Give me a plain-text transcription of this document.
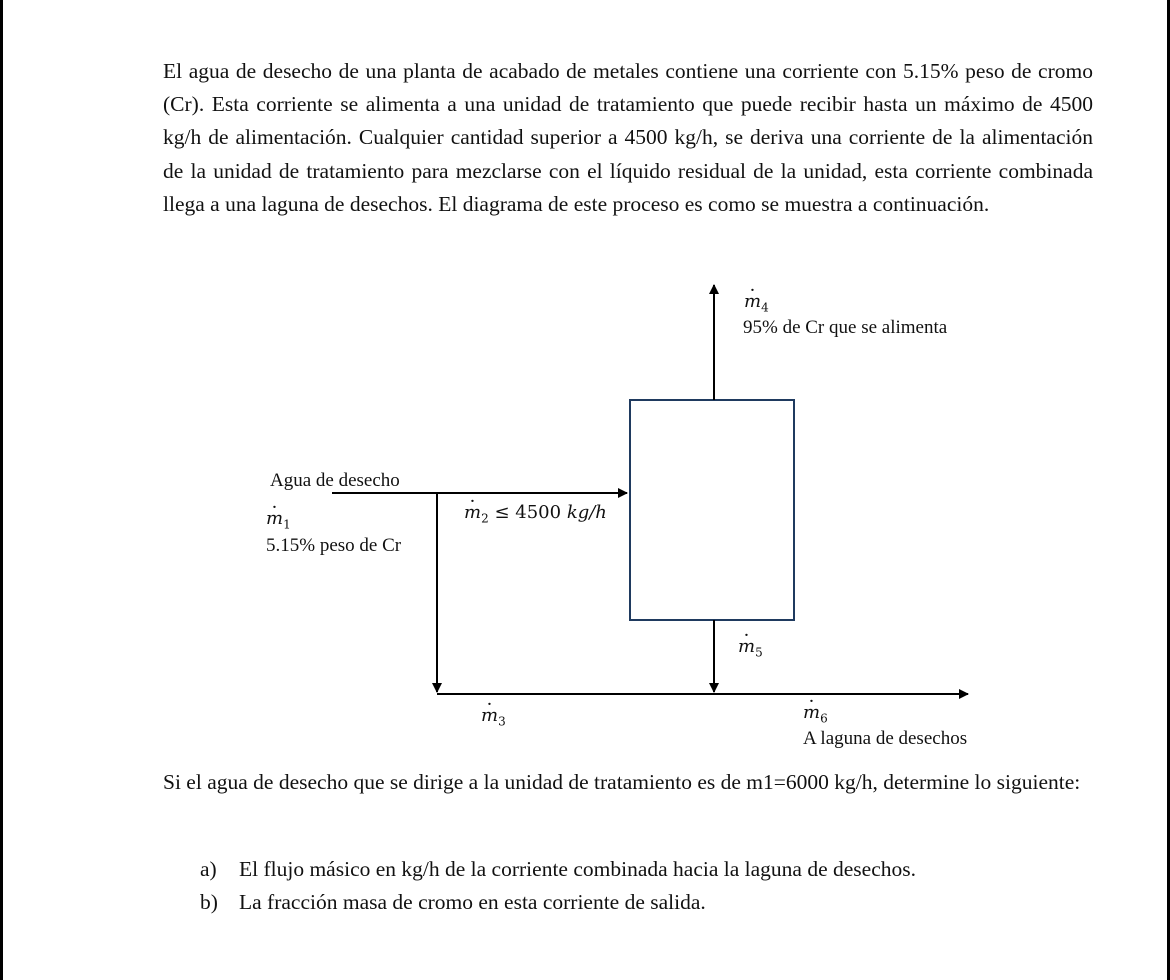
El agua de desecho de una planta de acabado de metales contiene una corriente con 5.15% peso de cromo (Cr). Esta corriente se alimenta a una unidad de tratamiento que puede recibir hasta un máximo de 4500 kg/h de alimentación. Cualquier cantidad superior a 4500 kg/h, se deriva una corriente de la alimentación de la unidad de tratamiento para mezclarse con el líquido residual de la unidad, esta corriente combinada llega a una laguna de desechos. El diagrama de este proceso es como se muestra a continuación.

Agua de desecho
· $m_1$
5.15% peso de Cr
· $m_2 \le 4500$ kg/h
· $m_3$
· $m_4$
95% de Cr que se alimenta
· $m_5$
· $m_6$
A laguna de desechos

Si el agua de desecho que se dirige a la unidad de tratamiento es de m1=6000 kg/h, determine lo siguiente:

a)	El flujo másico en kg/h de la corriente combinada hacia la laguna de desechos.
b) La fracción masa de cromo en esta corriente de salida.
